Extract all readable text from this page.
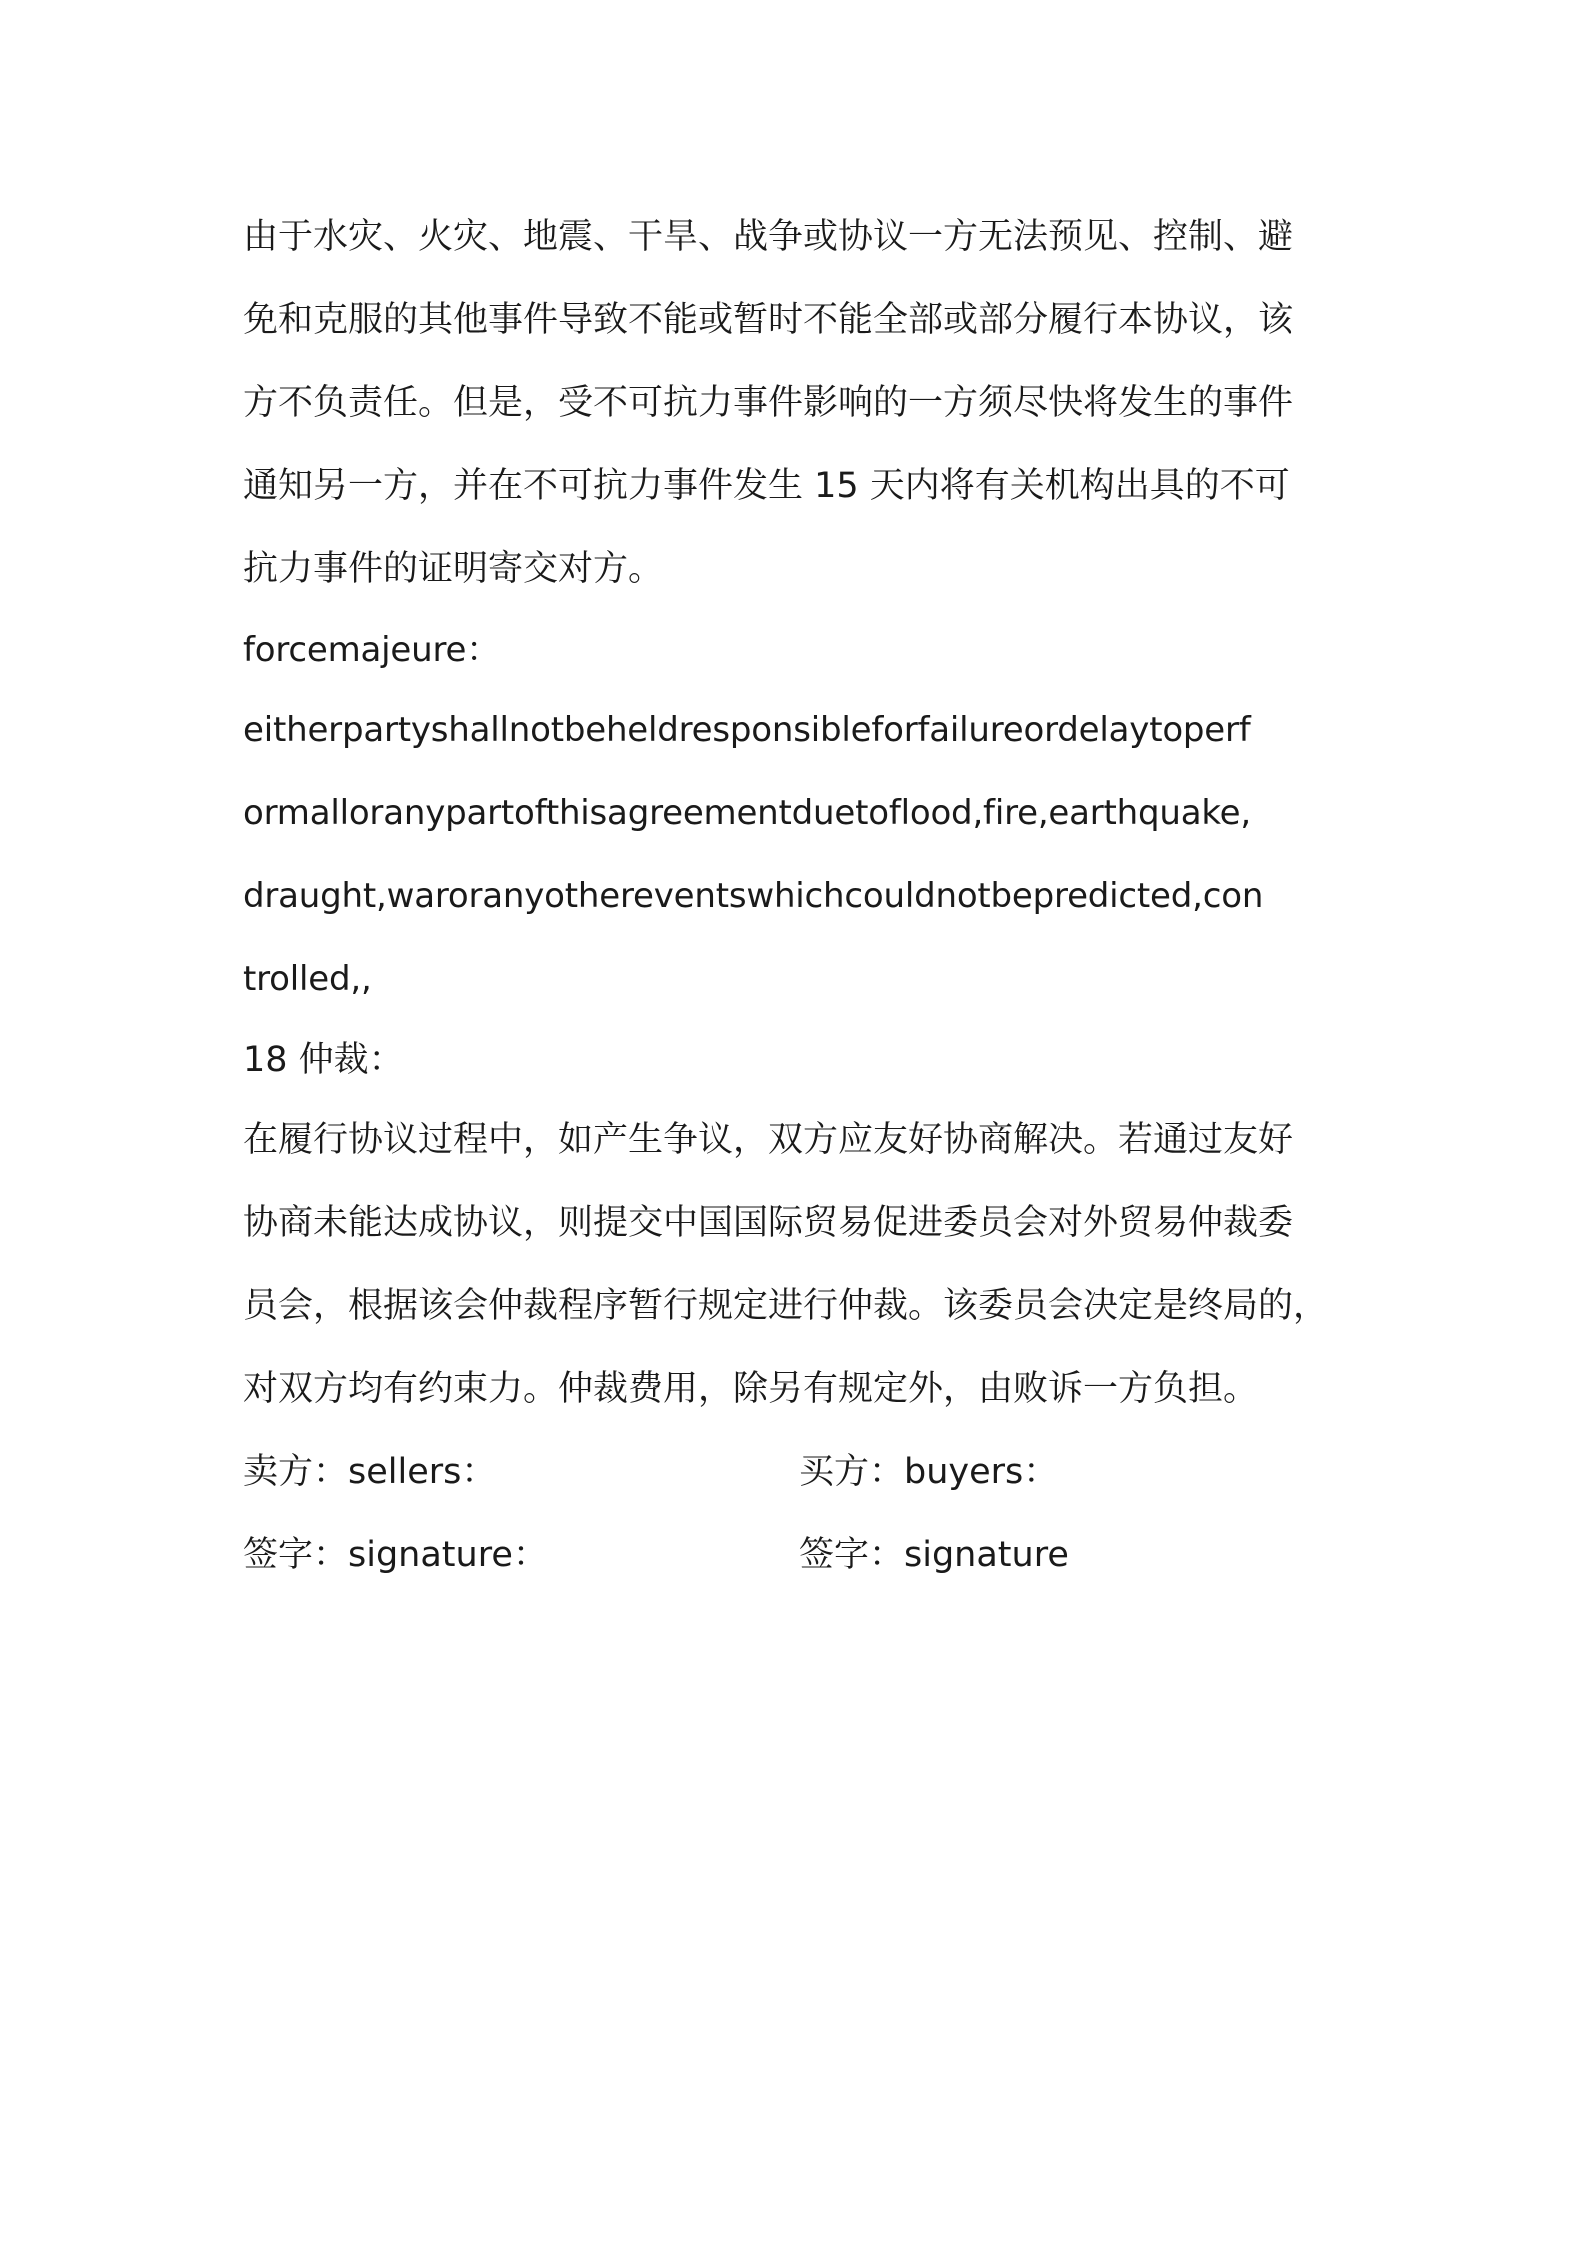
由于水灾、火灾、地震、干旱、战争或协议一方无法预见、控制、避
免和克服的其他事件导致不能或暂时不能全部或部分履行本协议，该
方不负责任。但是，受不可抗力事件影响的一方须尽快将发生的事件
通知另一方，并在不可抗力事件发生 15 天内将有关机构出具的不可
抗力事件的证明寄交对方。
forcemajeure：
eitherpartyshallnotbeheldresponsibleforfailureordelaytoperf
ormalloranypartofthisagreementduetoflood,fire,earthquake,
draught,waroranyothereventswhichcouldnotbepredicted,con
trolled,,
18 仲裁：
在履行协议过程中，如产生争议，双方应友好协商解决。若通过友好
协商未能达成协议，则提交中国国际贸易促进委员会对外贸易仲裁委
员会，根据该会仲裁程序暂行规定进行仲裁。该委员会决定是终局的，
对双方均有约束力。仲裁费用，除另有规定外，由败诉一方负担。
卖方：sellers：	买方：buyers：
签字：signature：	签字：signature
